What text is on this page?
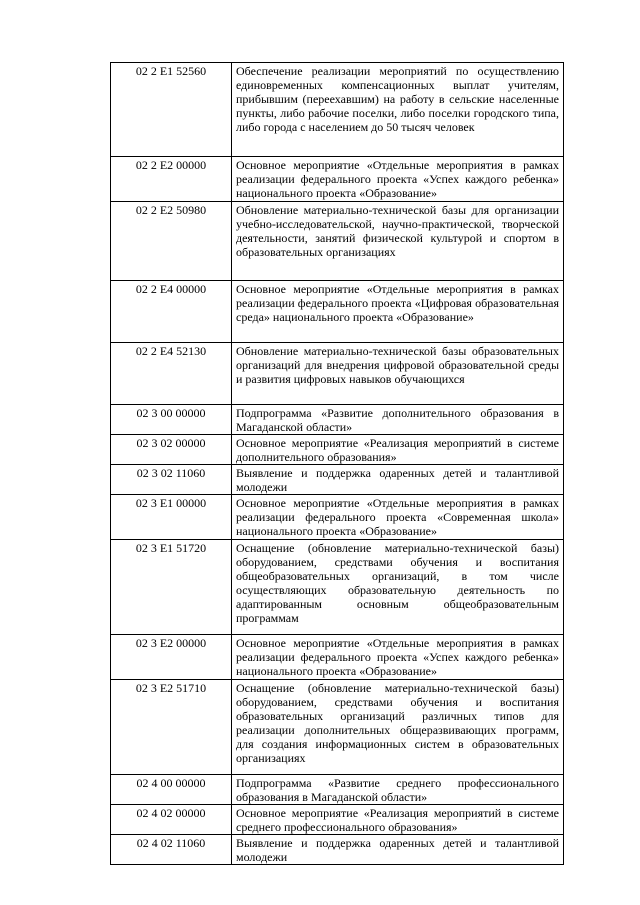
02 2 E1 52560	Обеспечение реализации мероприятий по осуществлению единовременных компенсационных выплат учителям, прибывшим (переехавшим) на работу в сельские населенные пункты, либо рабочие поселки, либо поселки городского типа, либо города с населением до 50 тысяч человек
02 2 E2 00000	Основное мероприятие «Отдельные мероприятия в рамках реализации федерального проекта «Успех каждого ребенка» национального проекта «Образование»
02 2 E2 50980	Обновление материально-технической базы для организации учебно-исследовательской, научно-практической, творческой деятельности, занятий физической культурой и спортом в образовательных организациях
02 2 E4 00000	Основное мероприятие «Отдельные мероприятия в рамках реализации федерального проекта «Цифровая образовательная среда» национального проекта «Образование»
02 2 E4 52130	Обновление материально-технической базы образовательных организаций для внедрения цифровой образовательной среды и развития цифровых навыков обучающихся
02 3 00 00000	Подпрограмма «Развитие дополнительного образования в Магаданской области»
02 3 02 00000	Основное мероприятие «Реализация мероприятий в системе дополнительного образования»
02 3 02 11060	Выявление и поддержка одаренных детей и талантливой молодежи
02 3 E1 00000	Основное мероприятие «Отдельные мероприятия в рамках реализации федерального проекта «Современная школа» национального проекта «Образование»
02 3 E1 51720	Оснащение (обновление материально-технической базы) оборудованием, средствами обучения и воспитания общеобразовательных организаций, в том числе осуществляющих образовательную деятельность по адаптированным основным общеобразовательным программам
02 3 E2 00000	Основное мероприятие «Отдельные мероприятия в рамках реализации федерального проекта «Успех каждого ребенка» национального проекта «Образование»
02 3 E2 51710	Оснащение (обновление материально-технической базы) оборудованием, средствами обучения и воспитания образовательных организаций различных типов для реализации дополнительных общеразвивающих программ, для создания информационных систем в образовательных организациях
02 4 00 00000	Подпрограмма «Развитие среднего профессионального образования в Магаданской области»
02 4 02 00000	Основное мероприятие «Реализация мероприятий в системе среднего профессионального образования»
02 4 02 11060	Выявление и поддержка одаренных детей и талантливой молодежи
